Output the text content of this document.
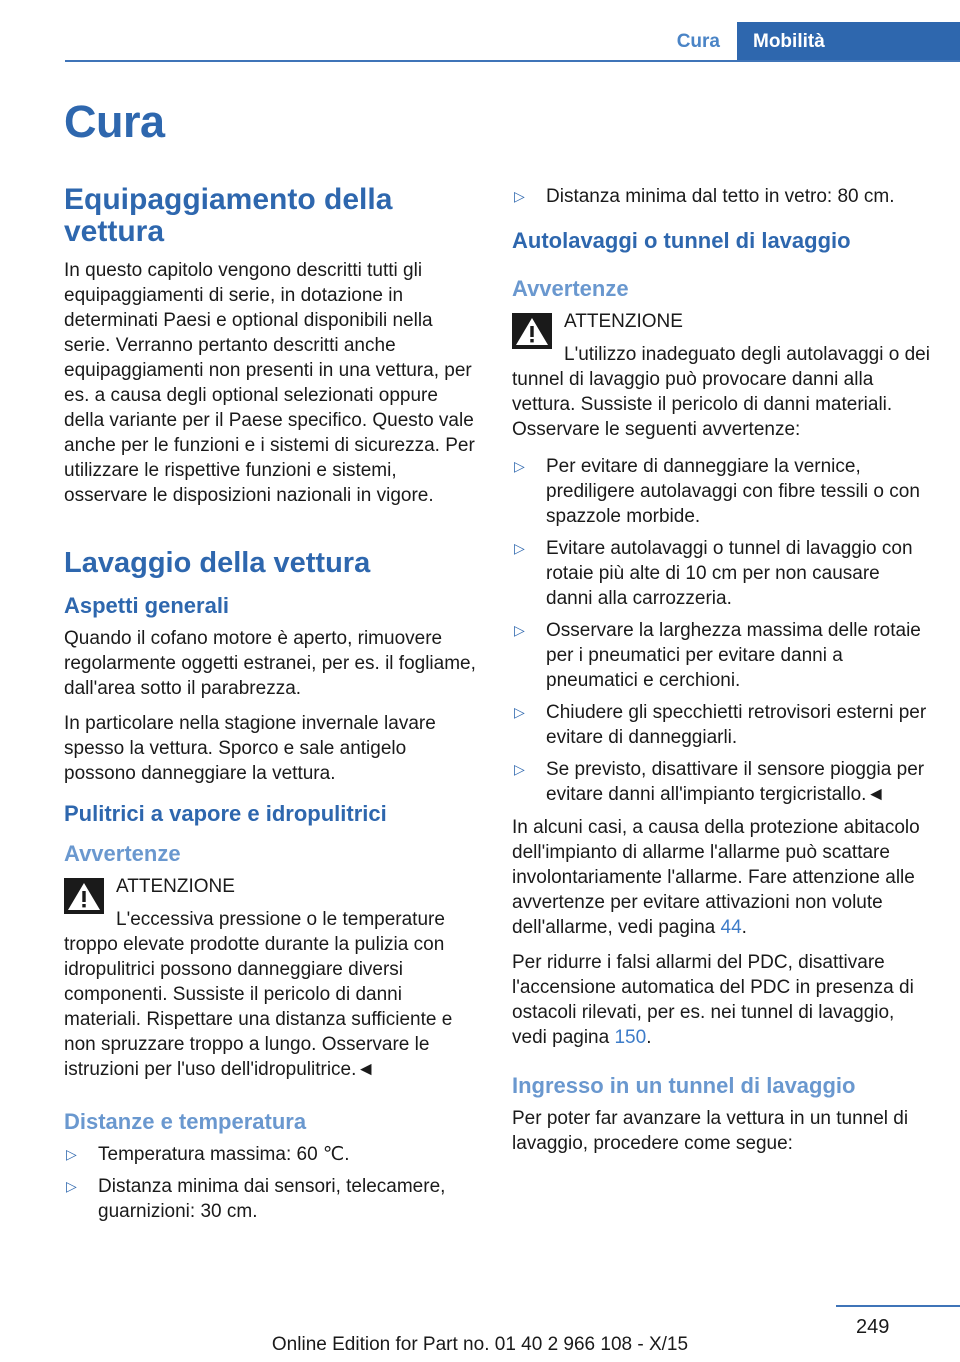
Cura	Mobilità
Cura
Equipaggiamento della vettura

In questo capitolo vengono descritti tutti gli equipaggiamenti di serie, in dotazione in determinati Paesi e optional disponibili nella serie. Verranno pertanto descritti anche equipaggiamenti non presenti in una vettura, per es. a causa degli optional selezionati oppure della variante per il Paese specifico. Questo vale anche per le funzioni e i sistemi di sicurezza. Per utilizzare le rispettive funzioni e sistemi, osservare le disposizioni nazionali in vigore.

Lavaggio della vettura
Aspetti generali

Quando il cofano motore è aperto, rimuovere regolarmente oggetti estranei, per es. il fogliame, dall'area sotto il parabrezza.

In particolare nella stagione invernale lavare spesso la vettura. Sporco e sale antigelo possono danneggiare la vettura.

Pulitrici a vapore e idropulitrici
Avvertenze
ATTENZIONE
L'eccessiva pressione o le temperature troppo elevate prodotte durante la pulizia con idropulitrici possono danneggiare diversi componenti. Sussiste il pericolo di danni materiali. Rispettare una distanza sufficiente e non spruzzare troppo a lungo. Osservare le istruzioni per l'uso dell'idropulitrice.◄
Distanze e temperatura
▷ Temperatura massima: 60 ℃.
▷ Distanza minima dai sensori, telecamere, guarnizioni: 30 cm.
▷ Distanza minima dal tetto in vetro: 80 cm.
Autolavaggi o tunnel di lavaggio
Avvertenze
ATTENZIONE
L'utilizzo inadeguato degli autolavaggi o dei tunnel di lavaggio può provocare danni alla vettura. Sussiste il pericolo di danni materiali. Osservare le seguenti avvertenze:
▷ Per evitare di danneggiare la vernice, prediligere autolavaggi con fibre tessili o con spazzole morbide.
▷ Evitare autolavaggi o tunnel di lavaggio con rotaie più alte di 10 cm per non causare danni alla carrozzeria.
▷ Osservare la larghezza massima delle rotaie per i pneumatici per evitare danni a pneumatici e cerchioni.
▷ Chiudere gli specchietti retrovisori esterni per evitare di danneggiarli.
▷ Se previsto, disattivare il sensore pioggia per evitare danni all'impianto tergicristallo.◄

In alcuni casi, a causa della protezione abitacolo dell'impianto di allarme l'allarme può scattare involontariamente l'allarme. Fare attenzione alle avvertenze per evitare attivazioni non volute dell'allarme, vedi pagina 44.

Per ridurre i falsi allarmi del PDC, disattivare l'accensione automatica del PDC in presenza di ostacoli rilevati, per es. nei tunnel di lavaggio, vedi pagina 150.

Ingresso in un tunnel di lavaggio

Per poter far avanzare la vettura in un tunnel di lavaggio, procedere come segue:

249
Online Edition for Part no. 01 40 2 966 108 - X/15
